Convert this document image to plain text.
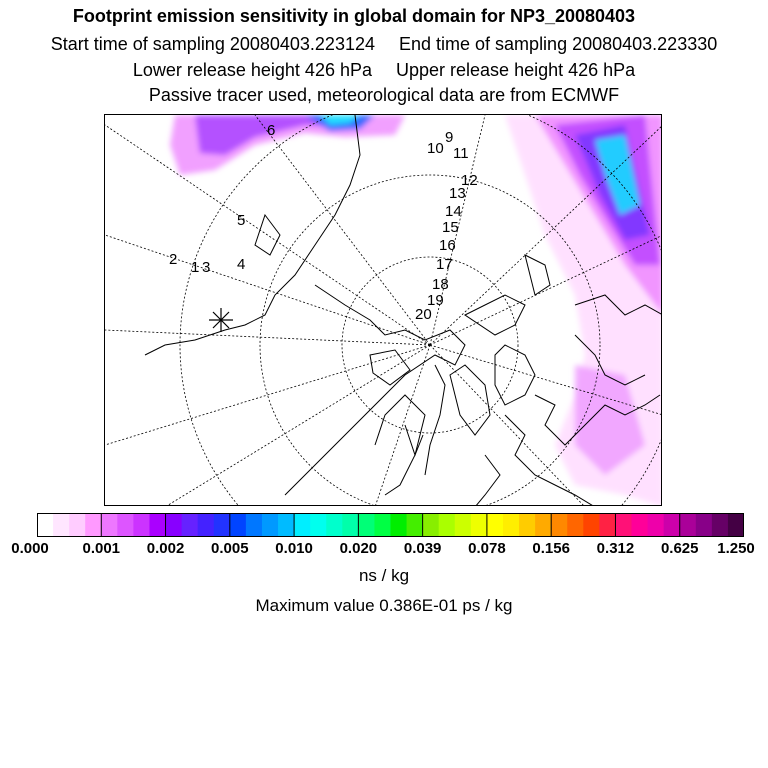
Footprint emission sensitivity in global domain for NP3_20080403
Start time of sampling 20080403.223124 End time of sampling 20080403.223330
Lower release height 426 hPa Upper release height 426 hPa
Passive tracer used, meteorological data are from ECMWF
1
2 3 4
5
6	9
10 11
12
13
14
15
16
17
18
19
20
0.000 0.001 0.002 0.005 0.010 0.020 0.039 0.078 0.156 0.312 0.625 1.250
ns / kg
Maximum value 0.386E-01 ps / kg
